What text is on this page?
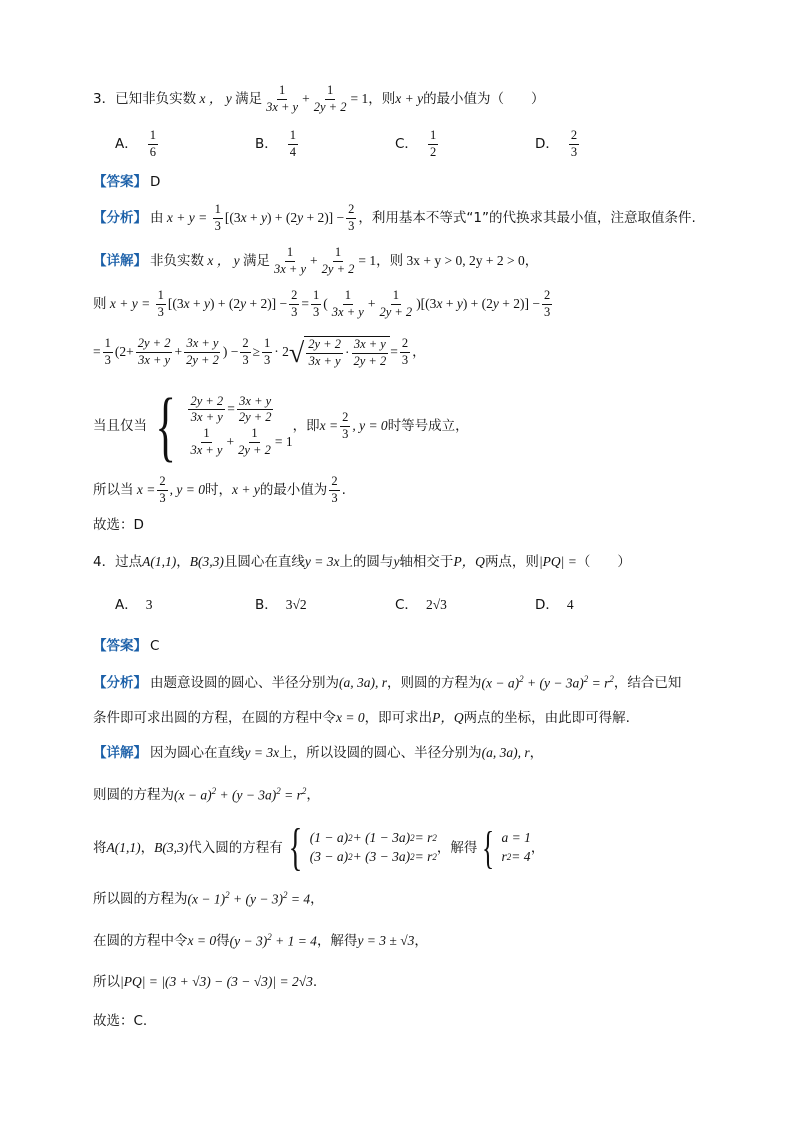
3．已知非负实数 x ， y 满足 $\frac{1}{3x + y} + \frac{1}{2y + 2} = 1$，则 x + y 的最小值为（　　）
A． $\frac{1}{6}$	B． $\frac{1}{4}$	C． $\frac{1}{2}$	D． $\frac{2}{3}$
【答案】 D
【分析】 由 $x + y = \frac{1}{3} [(3x + y) + (2y + 2)] - \frac{2}{3}$ ，利用基本不等式“1”的代换求其最小值，注意取值条件.
【详解】 非负实数 x ， y 满足 $\frac{1}{3x + y} + \frac{1}{2y + 2} = 1$，则 3x + y > 0, 2y + 2 > 0，
则 $x + y = \frac{1}{3} [(3x + y) + (2y + 2)] - \frac{2}{3} = \frac{1}{3}$ ( $\frac{1}{3x + y} + \frac{1}{2y + 2} )[(3x + y) + (2y + 2)] - \frac{2}{3}$
= $\frac{1}{3} (2+ \frac{2y + 2}{3x + y} + \frac{3x + y}{2y + 2}$ ) − $\frac{2}{3} \ge \frac{1}{3} \cdot 2$ √ $\frac{2y + 2}{3x + y} \cdot \frac{3x + y}{2y + 2} = \frac{2}{3}$ ，
当且仅当 { $\frac{2y + 2}{3x + y} = \frac{3x + y}{2y + 2}$
$\frac{1}{3x + y} + \frac{1}{2y + 2} = 1$
，即 $x = \frac{2}{3}$ , y = 0 时等号成立，
所以当 $x = \frac{2}{3}$ , y = 0 时， x + y 的最小值为 $\frac{2}{3}$ .
故选：D
4．过点 A(1,1) ， B(3,3) 且圆心在直线 y = 3x 上的圆与 y 轴相交于 P，Q 两点，则 |PQ| = （　　）
A． 3	B． 3√2	C． 2√3	D． 4
【答案】 C
【分析】 由题意设圆的圆心、半径分别为 (a, 3a), r ，则圆的方程为 $(x - a)^2 + (y - 3a)^2 = r^2$ ，结合已知
条件即可求出圆的方程，在圆的方程中令 x = 0 ，即可求出 P，Q 两点的坐标，由此即可得解.
【详解】 因为圆心在直线 y = 3x 上，所以设圆的圆心、半径分别为 (a, 3a), r ，
则圆的方程为 $(x - a)^2 + (y - 3a)^2 = r^2$ ，
将 A(1,1) ， B(3,3) 代入圆的方程有 { (1 − a) 2 + (1 − 3a) 2 = r 2
(3 − a) 2 + (3 − 3a) 2 = r 2
，解得 { a = 1
r 2 = 4
，
所以圆的方程为 $(x - 1)^2 + (y - 3)^2 = 4$ ，
在圆的方程中令 x = 0 得 $(y - 3)^2 + 1 = 4$ ，解得 y = 3 ± √3 ，
所以 |PQ| = |(3 + √3) − (3 − √3)| = 2√3 .
故选：C.
